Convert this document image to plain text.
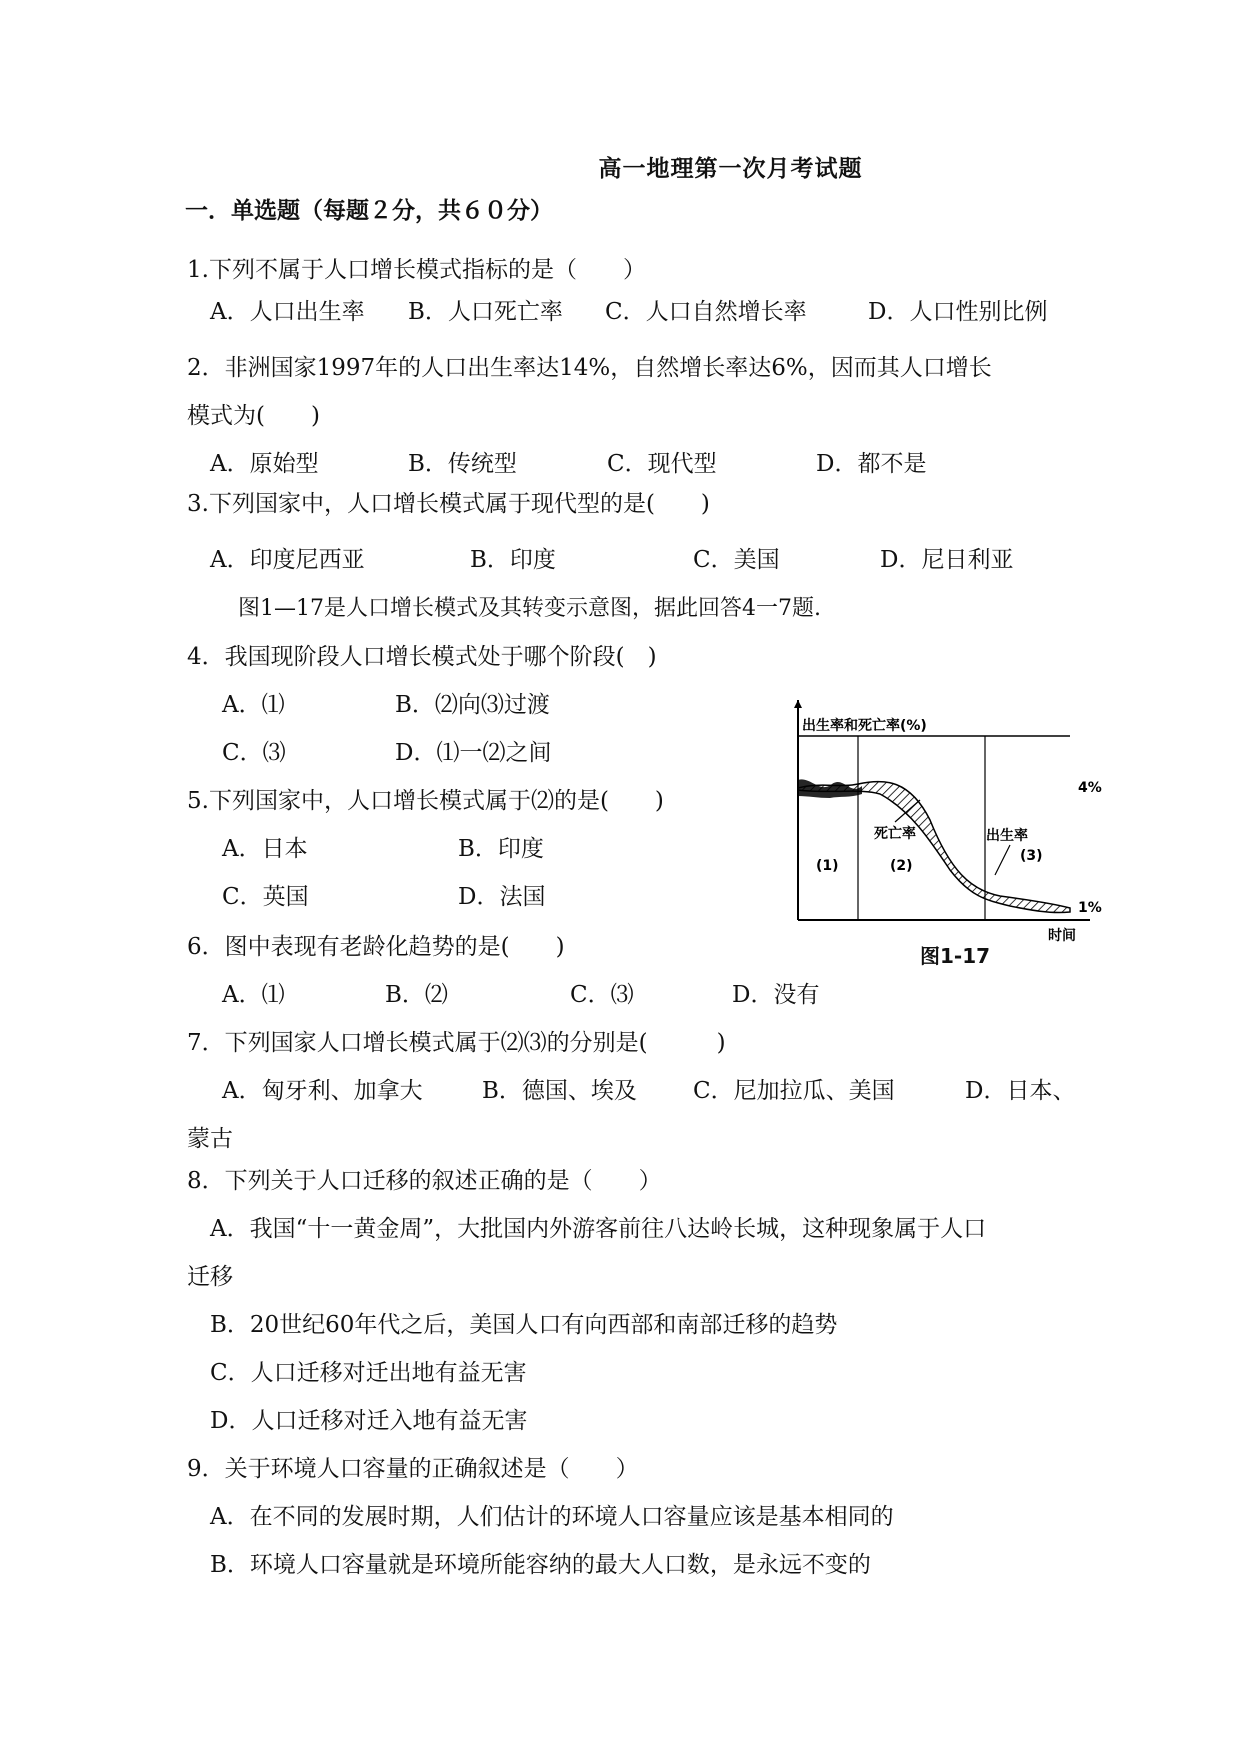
高一地理第一次月考试题
一．单选题（每题２分，共６０分）
1.下列不属于人口增长模式指标的是（　　）
A．人口出生率 B．人口死亡率 C．人口自然增长率	D．人口性别比例
2．非洲国家1997年的人口出生率达14%，自然增长率达6%，因而其人口增长
模式为(　　)
A．原始型	B．传统型	C．现代型	D．都不是
3.下列国家中，人口增长模式属于现代型的是(　　)
A．印度尼西亚	B．印度	C．美国	D．尼日利亚
图1—17是人口增长模式及其转变示意图，据此回答4一7题.
4．我国现阶段人口增长模式处于哪个阶段(　)
A．⑴	B．⑵向⑶过渡
C．⑶	D．⑴一⑵之间
5.下列国家中，人口增长模式属于⑵的是(　　)
A．日本	B．印度
C．英国	D．法国
6．图中表现有老龄化趋势的是(　　)
A．⑴	B．⑵	C．⑶	D．没有
7．下列国家人口增长模式属于⑵⑶的分别是(　　　)
A．匈牙利、加拿大	B．德国、埃及 C．尼加拉瓜、美国	D．日本、
蒙古
8．下列关于人口迁移的叙述正确的是（　　）
A．我国“十一黄金周”，大批国内外游客前往八达岭长城，这种现象属于人口
迁移
B．20世纪60年代之后，美国人口有向西部和南部迁移的趋势
C．人口迁移对迁出地有益无害
D．人口迁移对迁入地有益无害
9．关于环境人口容量的正确叙述是（　　）
A．在不同的发展时期，人们估计的环境人口容量应该是基本相同的
B．环境人口容量就是环境所能容纳的最大人口数，是永远不变的
出生率和死亡率(%)
4%
1%
时间
死亡率	出生率
(1)	(2)
(3)
图1-17
